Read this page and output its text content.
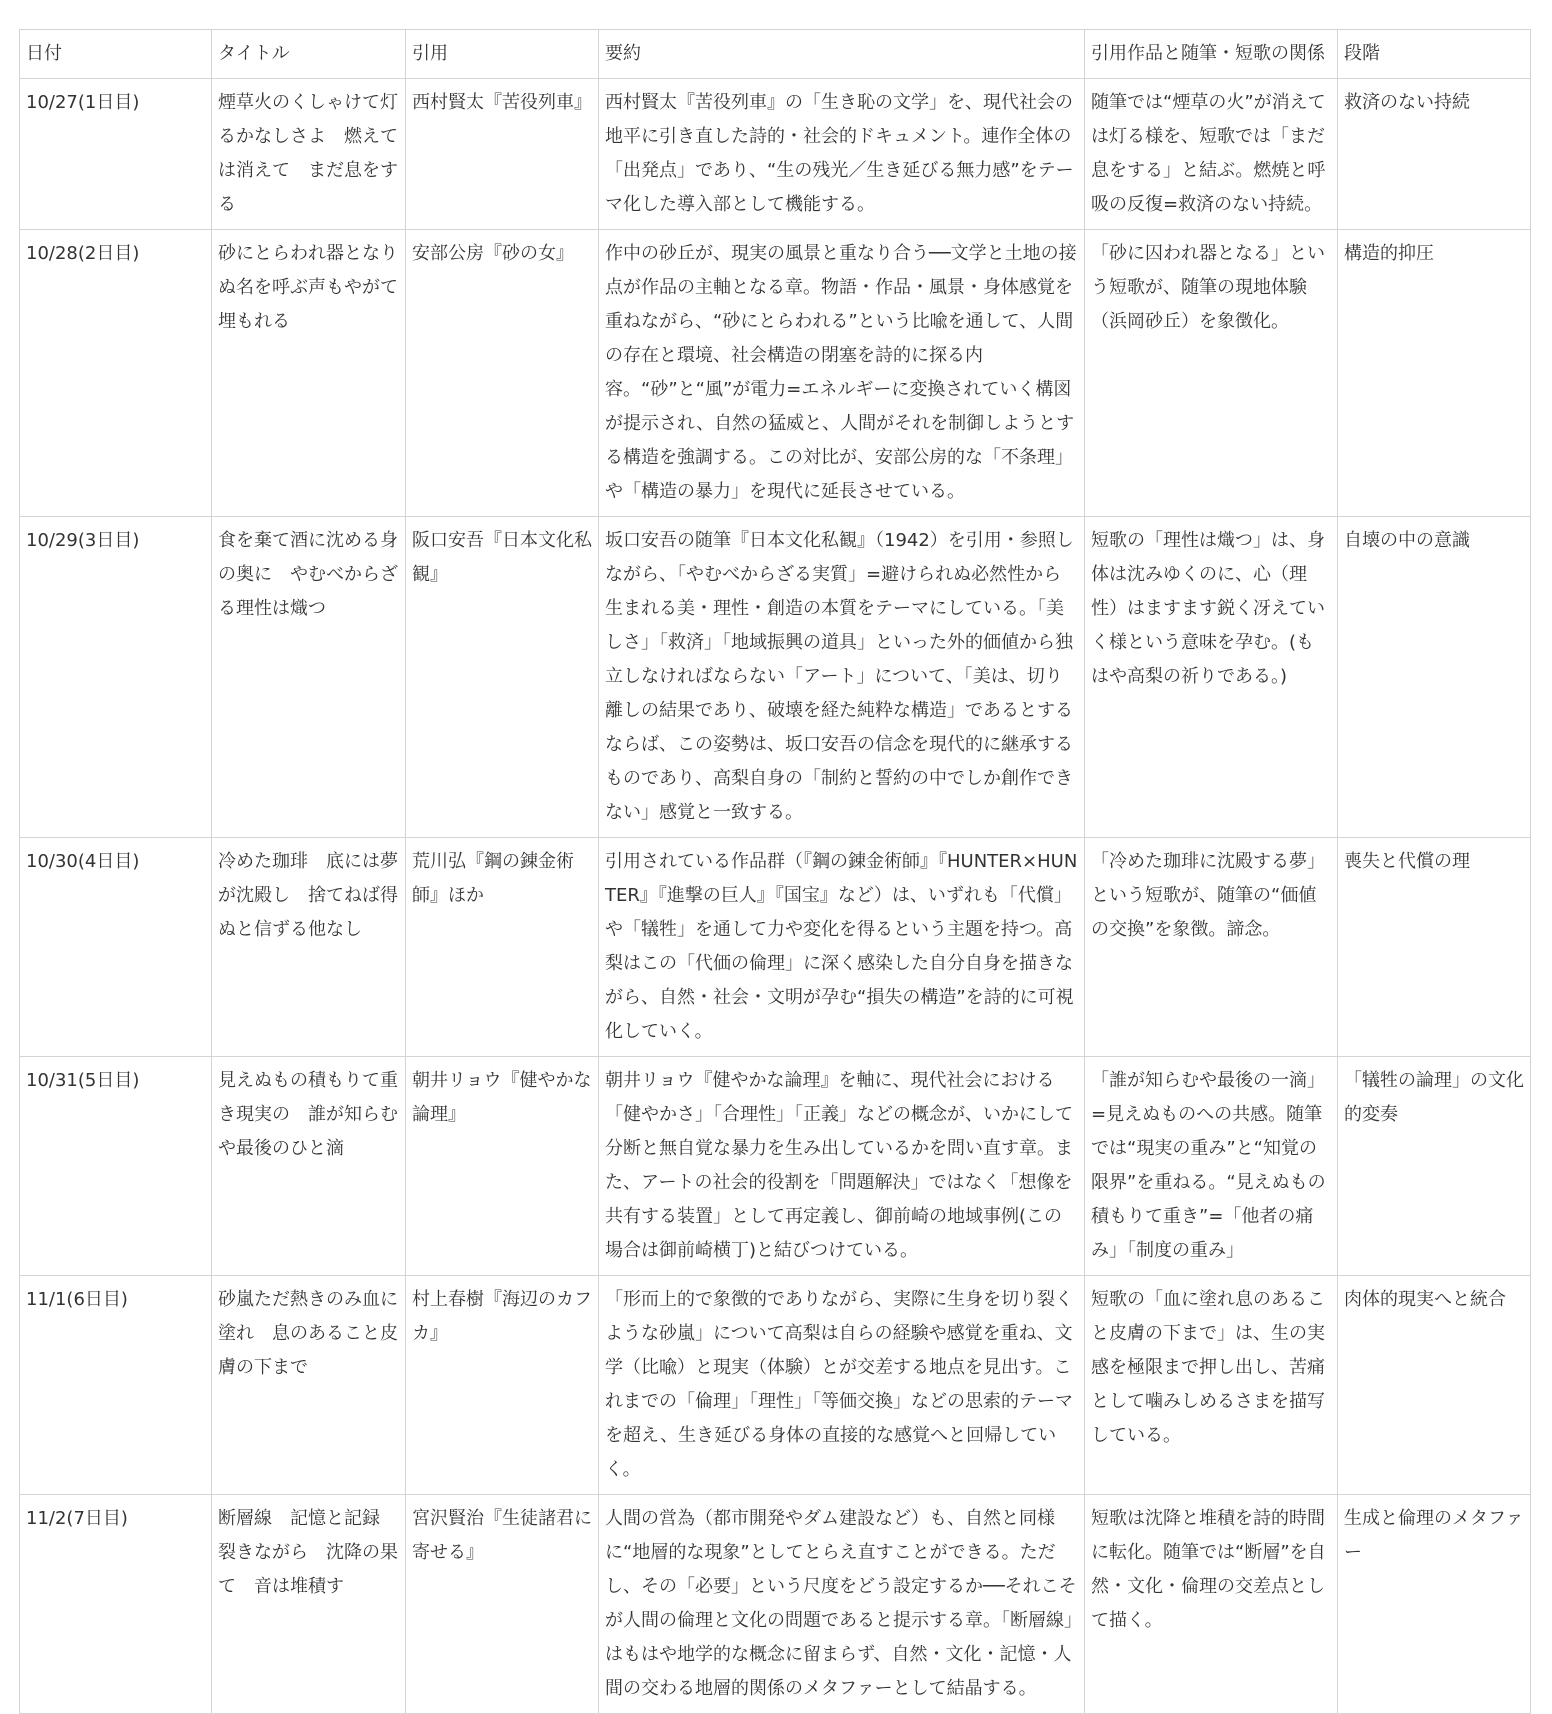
日付	タイトル	引用	要約	引用作品と随筆・短歌の関係	段階
10/27(1日目)	煙草火のくしゃけて灯るかなしさよ　燃えては消えて　まだ息をする	西村賢太『苦役列車』	西村賢太『苦役列車』の「生き恥の文学」を、現代社会の地平に引き直した詩的・社会的ドキュメント。連作全体の「出発点」であり、“生の残光／生き延びる無力感”をテーマ化した導入部として機能する。	随筆では“煙草の火”が消えては灯る様を、短歌では「まだ息をする」と結ぶ。燃焼と呼吸の反復=救済のない持続。	救済のない持続
10/28(2日目)	砂にとらわれ器となりぬ名を呼ぶ声もやがて埋もれる	安部公房『砂の女』	作中の砂丘が、現実の風景と重なり合う──文学と土地の接点が作品の主軸となる章。物語・作品・風景・身体感覚を重ねながら、“砂にとらわれる”という比喩を通して、人間の存在と環境、社会構造の閉塞を詩的に探る内容。“砂”と“風”が電力=エネルギーに変換されていく構図が提示され、自然の猛威と、人間がそれを制御しようとする構造を強調する。この対比が、安部公房的な「不条理」や「構造の暴力」を現代に延長させている。	「砂に囚われ器となる」という短歌が、随筆の現地体験（浜岡砂丘）を象徴化。	構造的抑圧
10/29(3日目)	食を棄て酒に沈める身の奥に　やむべからざる理性は熾つ	阪口安吾『日本文化私観』	坂口安吾の随筆『日本文化私観』（1942）を引用・参照しながら、「やむべからざる実質」=避けられぬ必然性から生まれる美・理性・創造の本質をテーマにしている。「美しさ」「救済」「地域振興の道具」といった外的価値から独立しなければならない「アート」について、「美は、切り離しの結果であり、破壊を経た純粋な構造」であるとするならば、この姿勢は、坂口安吾の信念を現代的に継承するものであり、高梨自身の「制約と誓約の中でしか創作できない」感覚と一致する。	短歌の「理性は熾つ」は、身体は沈みゆくのに、心（理性）はますます鋭く冴えていく様という意味を孕む。(もはや高梨の祈りである。)	自壊の中の意識
10/30(4日目)	冷めた珈琲　底には夢が沈殿し　捨てねば得ぬと信ずる他なし	荒川弘『鋼の錬金術師』ほか	引用されている作品群（『鋼の錬金術師』『HUNTER×HUNTER』『進撃の巨人』『国宝』など）は、いずれも「代償」や「犠牲」を通して力や変化を得るという主題を持つ。高梨はこの「代価の倫理」に深く感染した自分自身を描きながら、自然・社会・文明が孕む“損失の構造”を詩的に可視化していく。	「冷めた珈琲に沈殿する夢」という短歌が、随筆の“価値の交換”を象徴。諦念。	喪失と代償の理
10/31(5日目)	見えぬもの積もりて重き現実の　誰が知らむや最後のひと滴	朝井リョウ『健やかな論理』	朝井リョウ『健やかな論理』を軸に、現代社会における「健やかさ」「合理性」「正義」などの概念が、いかにして分断と無自覚な暴力を生み出しているかを問い直す章。また、アートの社会的役割を「問題解決」ではなく「想像を共有する装置」として再定義し、御前崎の地域事例(この場合は御前崎横丁)と結びつけている。	「誰が知らむや最後の一滴」=見えぬものへの共感。随筆では“現実の重み”と“知覚の限界”を重ねる。“見えぬもの積もりて重き”=「他者の痛み」「制度の重み」	「犠牲の論理」の文化的変奏
11/1(6日目)	砂嵐ただ熱きのみ血に塗れ　息のあること皮膚の下まで	村上春樹『海辺のカフカ』	「形而上的で象徴的でありながら、実際に生身を切り裂くような砂嵐」について高梨は自らの経験や感覚を重ね、文学（比喩）と現実（体験）とが交差する地点を見出す。これまでの「倫理」「理性」「等価交換」などの思索的テーマを超え、生き延びる身体の直接的な感覚へと回帰していく。	短歌の「血に塗れ息のあること皮膚の下まで」は、生の実感を極限まで押し出し、苦痛として噛みしめるさまを描写している。	肉体的現実へと統合
11/2(7日目)	断層線　記憶と記録　裂きながら　沈降の果て　音は堆積す	宮沢賢治『生徒諸君に寄せる』	人間の営為（都市開発やダム建設など）も、自然と同様に“地層的な現象”としてとらえ直すことができる。ただし、その「必要」という尺度をどう設定するか──それこそが人間の倫理と文化の問題であると提示する章。「断層線」はもはや地学的な概念に留まらず、自然・文化・記憶・人間の交わる地層的関係のメタファーとして結晶する。	短歌は沈降と堆積を詩的時間に転化。随筆では“断層”を自然・文化・倫理の交差点として描く。	生成と倫理のメタファー
